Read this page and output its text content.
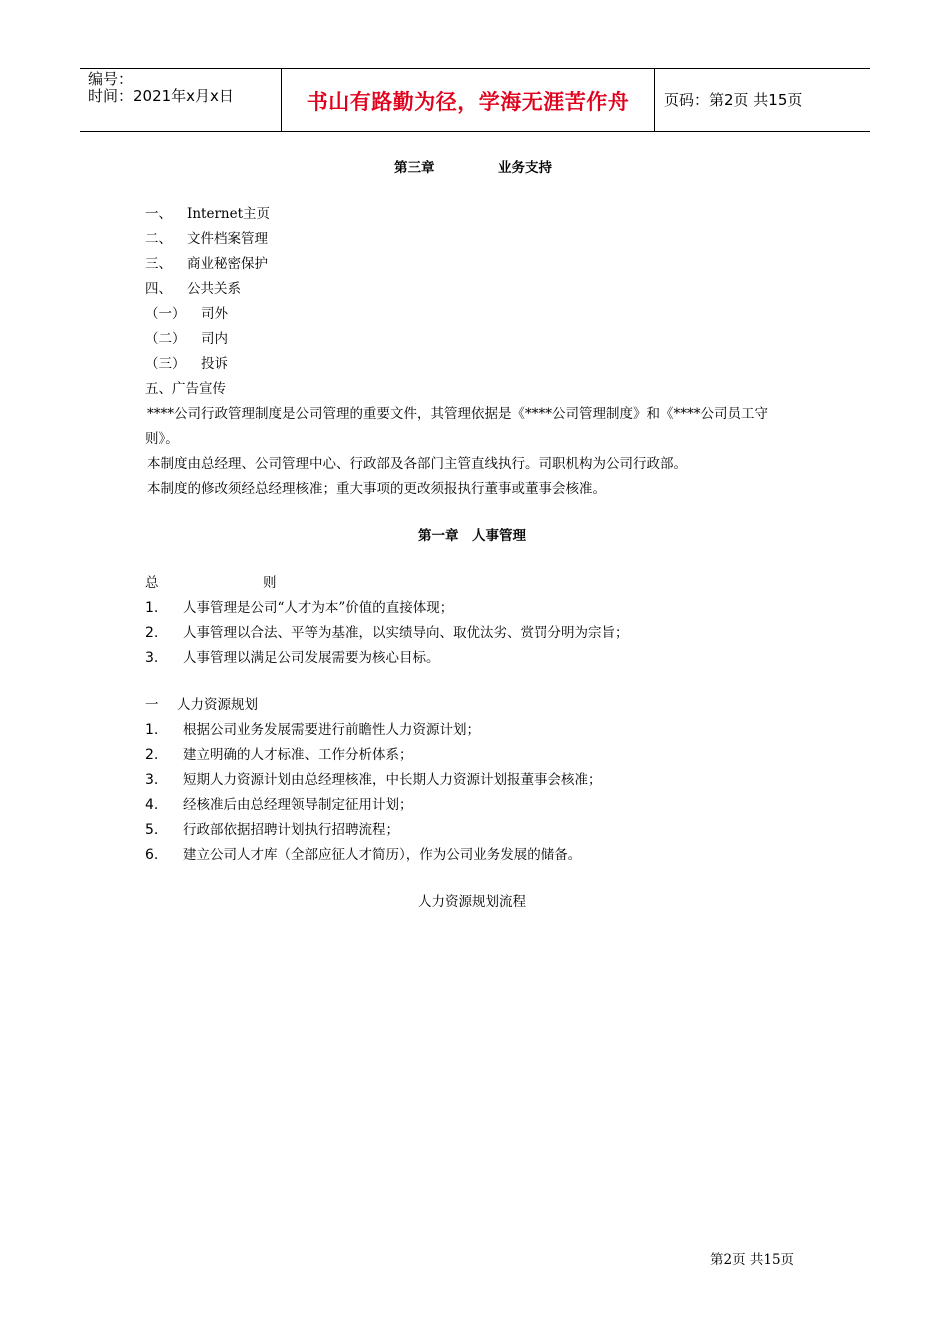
编号：
时间：2021年x月x日	书山有路勤为径，学海无涯苦作舟	页码：第2页 共15页
第三章	业务支持
一、 Internet主页
二、 文件档案管理
三、 商业秘密保护
四、 公共关系
（一） 司外
（二） 司内
（三） 投诉
五、广告宣传
****公司行政管理制度是公司管理的重要文件，其管理依据是《****公司管理制度》和《****公司员工守
则》。
本制度由总经理、公司管理中心、行政部及各部门主管直线执行。司职机构为公司行政部。
本制度的修改须经总经理核准；重大事项的更改须报执行董事或董事会核准。
第一章　人事管理
总	则
1. 人事管理是公司“人才为本”价值的直接体现；
2. 人事管理以合法、平等为基准，以实绩导向、取优汰劣、赏罚分明为宗旨；
3. 人事管理以满足公司发展需要为核心目标。
一 人力资源规划
1. 根据公司业务发展需要进行前瞻性人力资源计划；
2. 建立明确的人才标准、工作分析体系；
3. 短期人力资源计划由总经理核准，中长期人力资源计划报董事会核准；
4. 经核准后由总经理领导制定征用计划；
5. 行政部依据招聘计划执行招聘流程；
6. 建立公司人才库（全部应征人才简历），作为公司业务发展的储备。
人力资源规划流程
第2页 共15页
